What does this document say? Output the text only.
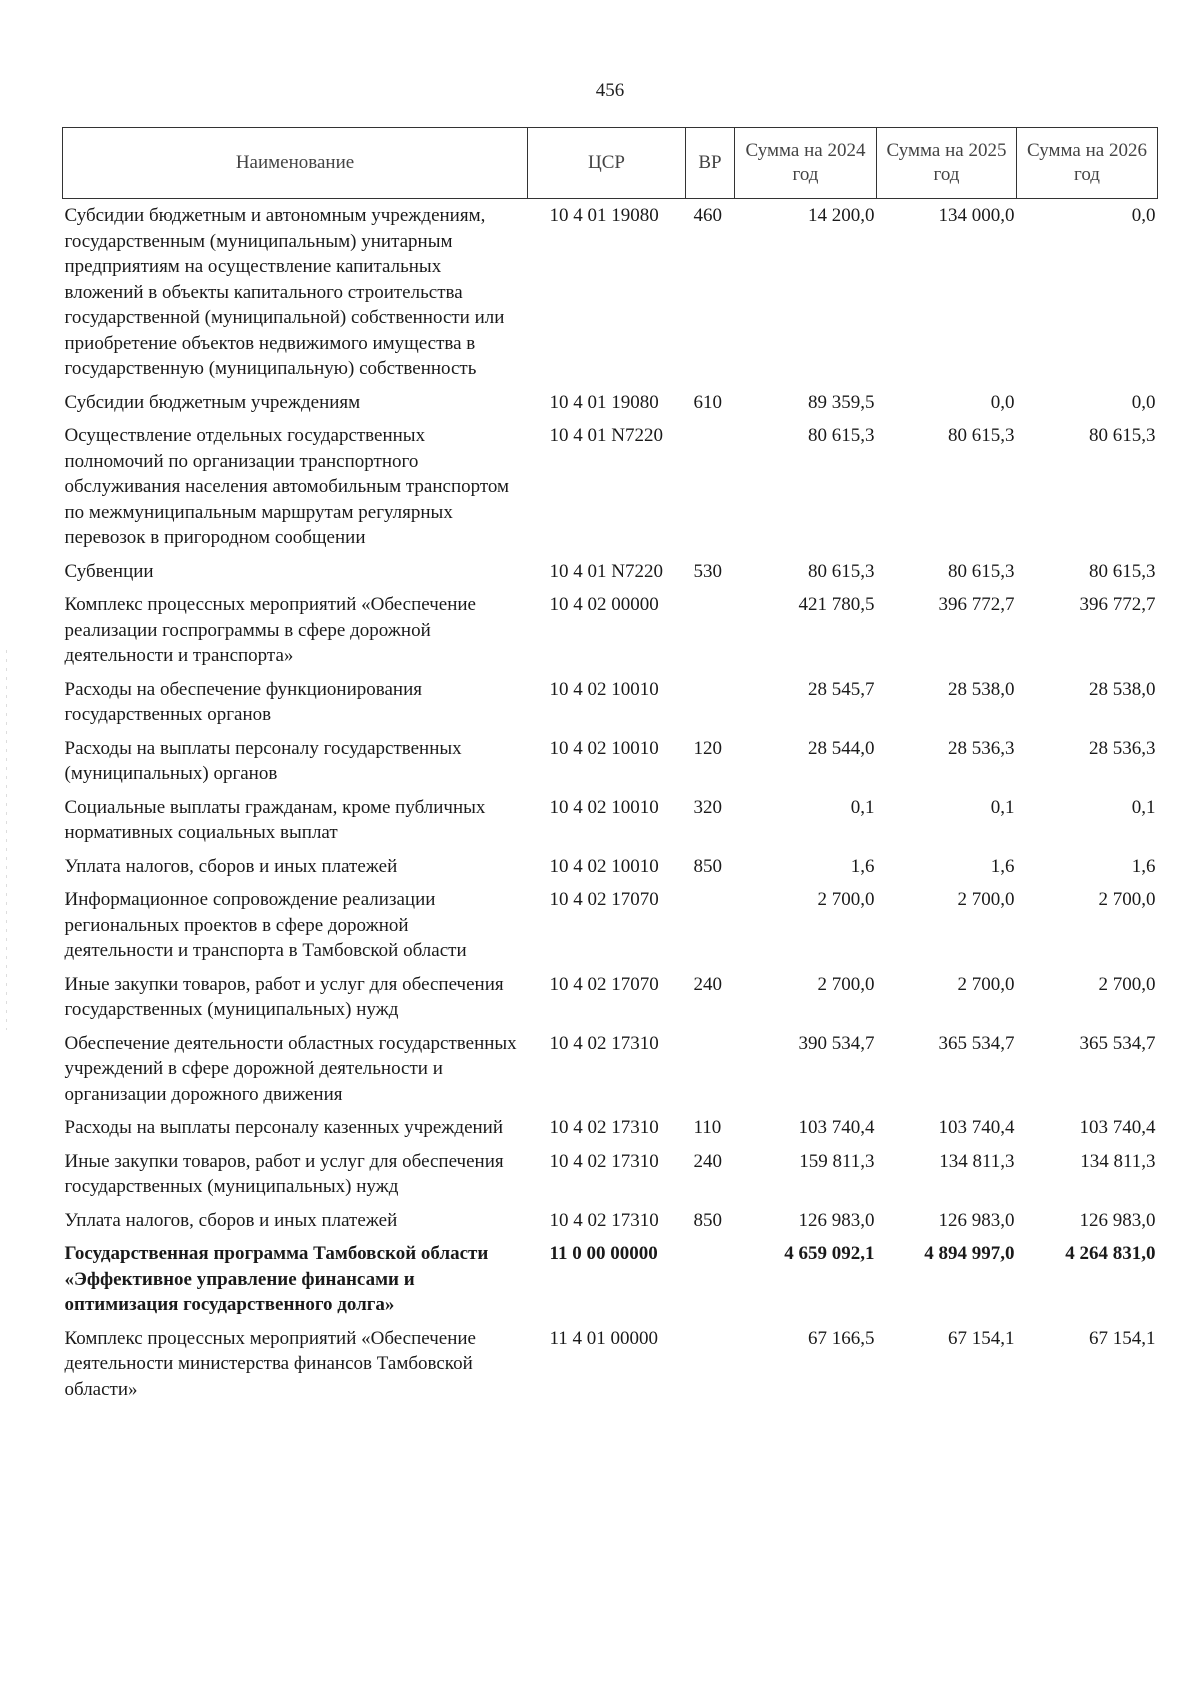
456
Наименование	ЦСР	ВР	Сумма на 2024 год	Сумма на 2025 год	Сумма на 2026 год
Субсидии бюджетным и автономным учреждениям, государственным (муниципальным) унитарным предприятиям на осуществление капитальных вложений в объекты капитального строительства государственной (муниципальной) собственности или приобретение объектов недвижимого имущества в государственную (муниципальную) собственность	10 4 01 19080	460	14 200,0	134 000,0	0,0
Субсидии бюджетным учреждениям	10 4 01 19080	610	89 359,5	0,0	0,0
Осуществление отдельных государственных полномочий по организации транспортного обслуживания населения автомобильным транспортом по межмуниципальным маршрутам регулярных перевозок в пригородном сообщении	10 4 01 N7220		80 615,3	80 615,3	80 615,3
Субвенции	10 4 01 N7220	530	80 615,3	80 615,3	80 615,3
Комплекс процессных мероприятий «Обеспечение реализации госпрограммы в сфере дорожной деятельности и транспорта»	10 4 02 00000		421 780,5	396 772,7	396 772,7
Расходы на обеспечение функционирования государственных органов	10 4 02 10010		28 545,7	28 538,0	28 538,0
Расходы на выплаты персоналу государственных (муниципальных) органов	10 4 02 10010	120	28 544,0	28 536,3	28 536,3
Социальные выплаты гражданам, кроме публичных нормативных социальных выплат	10 4 02 10010	320	0,1	0,1	0,1
Уплата налогов, сборов и иных платежей	10 4 02 10010	850	1,6	1,6	1,6
Информационное сопровождение реализации региональных проектов в сфере дорожной деятельности и транспорта в Тамбовской области	10 4 02 17070		2 700,0	2 700,0	2 700,0
Иные закупки товаров, работ и услуг для обеспечения государственных (муниципальных) нужд	10 4 02 17070	240	2 700,0	2 700,0	2 700,0
Обеспечение деятельности областных государственных учреждений в сфере дорожной деятельности и организации дорожного движения	10 4 02 17310		390 534,7	365 534,7	365 534,7
Расходы на выплаты персоналу казенных учреждений	10 4 02 17310	110	103 740,4	103 740,4	103 740,4
Иные закупки товаров, работ и услуг для обеспечения государственных (муниципальных) нужд	10 4 02 17310	240	159 811,3	134 811,3	134 811,3
Уплата налогов, сборов и иных платежей	10 4 02 17310	850	126 983,0	126 983,0	126 983,0
Государственная программа Тамбовской области «Эффективное управление финансами и оптимизация государственного долга»	11 0 00 00000		4 659 092,1	4 894 997,0	4 264 831,0
Комплекс процессных мероприятий «Обеспечение деятельности министерства финансов Тамбовской области»	11 4 01 00000		67 166,5	67 154,1	67 154,1
